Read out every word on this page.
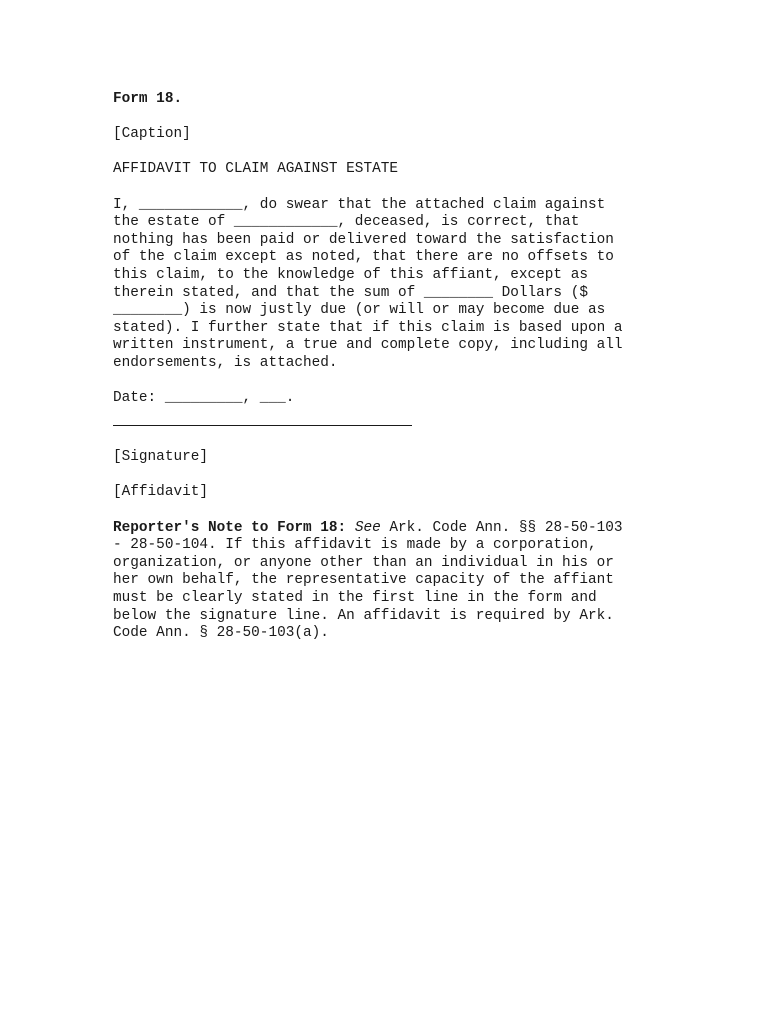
Form 18.

[Caption]

AFFIDAVIT TO CLAIM AGAINST ESTATE

I, ____________, do swear that the attached claim against

the estate of ____________, deceased, is correct, that

nothing has been paid or delivered toward the satisfaction

of the claim except as noted, that there are no offsets to

this claim, to the knowledge of this affiant, except as

therein stated, and that the sum of ________ Dollars ($

________) is now justly due (or will or may become due as

stated). I further state that if this claim is based upon a

written instrument, a true and complete copy, including all

endorsements, is attached.

Date: _________, ___.

[Signature]

[Affidavit]

Reporter's Note to Form 18: See Ark. Code Ann. §§ 28-50-103

- 28-50-104. If this affidavit is made by a corporation,

organization, or anyone other than an individual in his or

her own behalf, the representative capacity of the affiant

must be clearly stated in the first line in the form and

below the signature line. An affidavit is required by Ark.

Code Ann. § 28-50-103(a).
